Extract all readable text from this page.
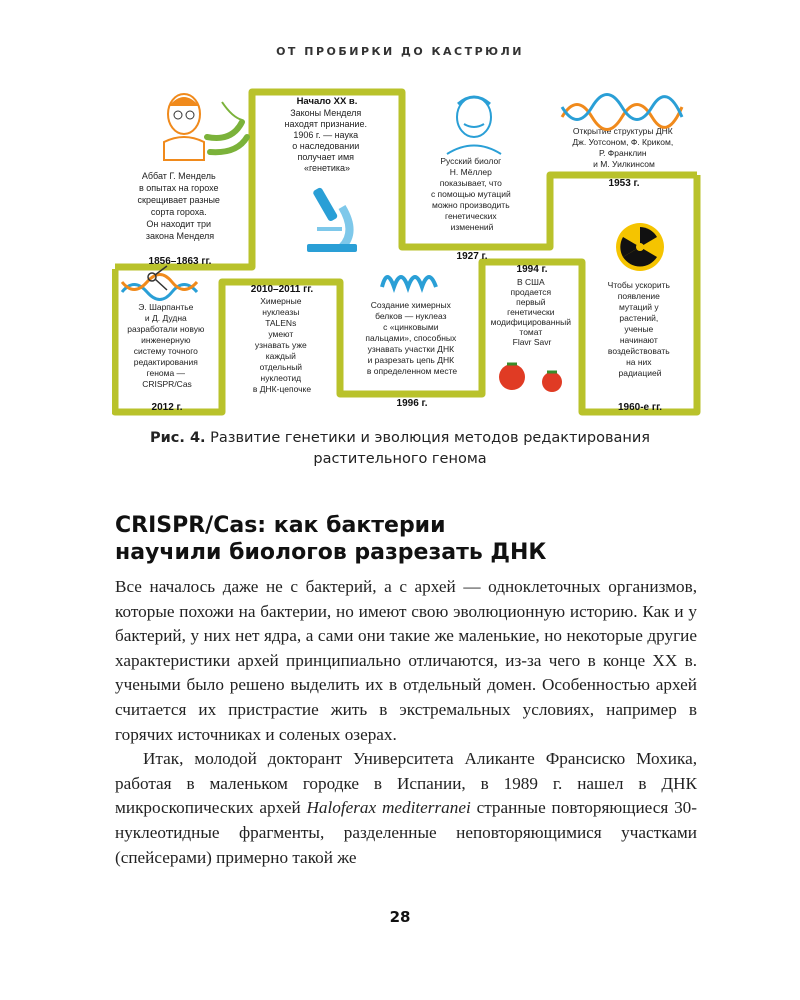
ОТ ПРОБИРКИ ДО КАСТРЮЛИ
1856–1863 гг.
Начало XX в.
1927 г.
1953 г.
1960-е гг.
1994 г.
1996 г.
2010–2011 гг.
2012 г.
Аббат Г. Мендель в опытах на горохе скрещивает разные сорта гороха. Он находит три закона Менделя
Законы Менделя находят признание. 1906 г. — наука о наследовании получает имя «генетика»
Русский биолог Н. Мёллер показывает, что с помощью мутаций можно производить генетических изменений
Открытие структуры ДНК Дж. Уотсоном, Ф. Криком, Р. Франклин и М. Уилкинсом
Чтобы ускорить появление мутаций у растений, ученые начинают воздействовать на них радиацией
В США продается первый генетически модифицированный томат Flavr Savr
Создание химерных белков — нуклеаз с «цинковыми пальцами», способных узнавать участки ДНК и разрезать цепь ДНК в определенном месте
Химерные нуклеазы TALENs умеют узнавать уже каждый отдельный нуклеотид в ДНК-цепочке
Э. Шарпантье и Д. Дудна разработали новую инженерную систему точного редактирования генома — CRISPR/Cas
Рис. 4. Развитие генетики и эволюция методов редактирования растительного генома
CRISPR/Cas: как бактерии
научили биологов разрезать ДНК

Все началось даже не с бактерий, а с архей — одноклеточных организмов, которые похожи на бактерии, но имеют свою эволюционную историю. Как и у бактерий, у них нет ядра, а сами они такие же маленькие, но некоторые другие характеристики архей принципиально отличаются, из-за чего в конце XX в. учеными было решено выделить их в отдельный домен. Особенностью архей считается их пристрастие жить в экстремальных условиях, например в горячих источниках и соленых озерах.

Итак, молодой докторант Университета Аликанте Франсиско Мохика, работая в маленьком городке в Испании, в 1989 г. нашел в ДНК микроскопических архей Haloferax mediterranei странные повторяющиеся 30-нуклеотидные фрагменты, разделенные неповторяющимися участками (спейсерами) примерно такой же

28
